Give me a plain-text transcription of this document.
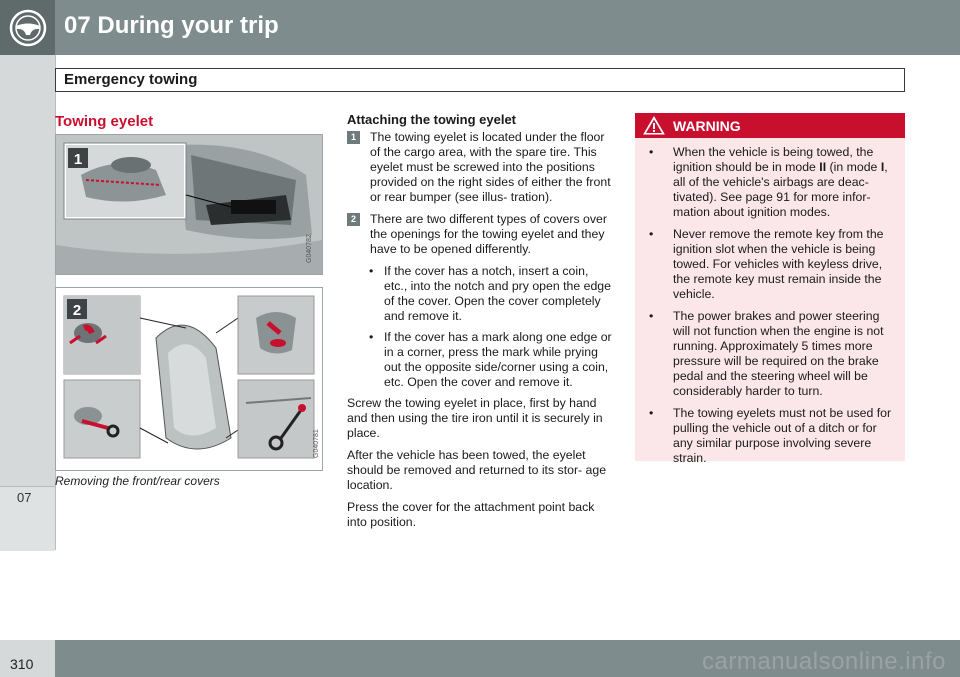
07 During your trip
07
Emergency towing
Towing eyelet
1
G040782
2
G040781
Removing the front/rear covers
Attaching the towing eyelet
1	The towing eyelet is located under the floor of the cargo area, with the spare tire. This eyelet must be screwed into the positions provided on the right sides of either the front or rear bumper (see illus- tration).
2	There are two different types of covers over the openings for the towing eyelet and they have to be opened differently.
• If the cover has a notch, insert a coin, etc., into the notch and pry open the edge of the cover. Open the cover completely and remove it.
• If the cover has a mark along one edge or in a corner, press the mark while prying out the opposite side/corner using a coin, etc. Open the cover and remove it.

Screw the towing eyelet in place, first by hand and then using the tire iron until it is securely in place.

After the vehicle has been towed, the eyelet should be removed and returned to its stor- age location.

Press the cover for the attachment point back into position.

WARNING
• When the vehicle is being towed, the ignition should be in mode II (in mode I, all of the vehicle's airbags are deac- tivated). See page 91 for more infor- mation about ignition modes.
• Never remove the remote key from the ignition slot when the vehicle is being towed. For vehicles with keyless drive, the remote key must remain inside the vehicle.
• The power brakes and power steering will not function when the engine is not running. Approximately 5 times more pressure will be required on the brake pedal and the steering wheel will be considerably harder to turn.
• The towing eyelets must not be used for pulling the vehicle out of a ditch or for any similar purpose involving severe strain.
310	carmanualsonline.info
